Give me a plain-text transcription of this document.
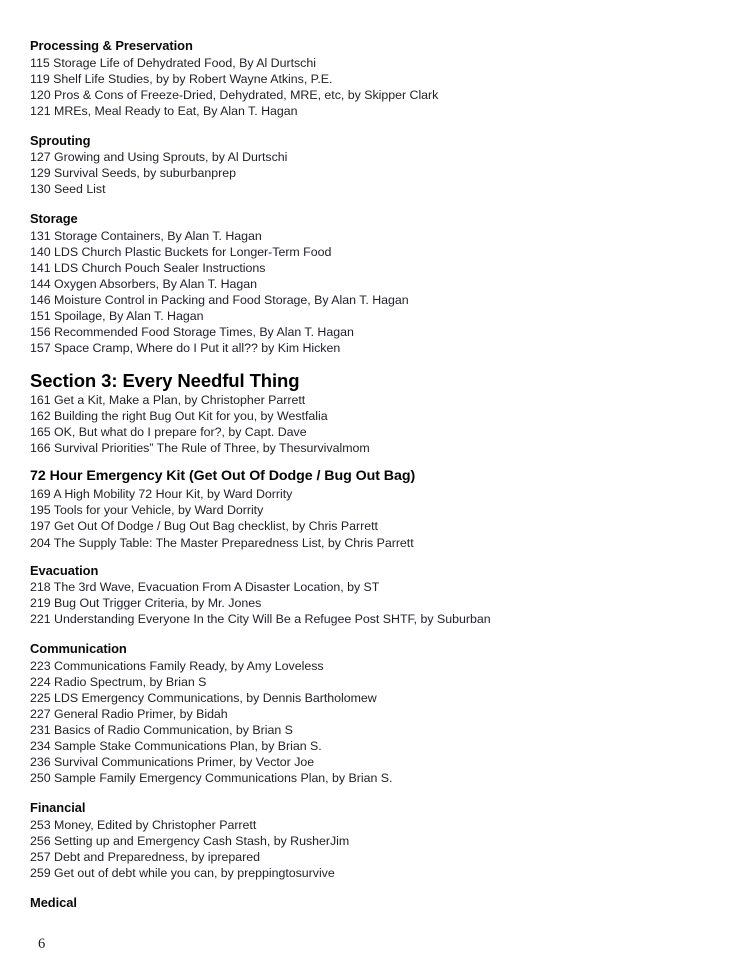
Processing & Preservation
115 Storage Life of Dehydrated Food, By Al Durtschi
119 Shelf Life Studies, by by Robert Wayne Atkins, P.E.
120 Pros & Cons of Freeze-Dried, Dehydrated, MRE, etc, by Skipper Clark
121 MREs, Meal Ready to Eat, By Alan T. Hagan
Sprouting
127 Growing and Using Sprouts, by Al Durtschi
129 Survival Seeds, by suburbanprep
130 Seed List
Storage
131 Storage Containers, By Alan T. Hagan
140 LDS Church Plastic Buckets for Longer-Term Food
141 LDS Church Pouch Sealer Instructions
144 Oxygen Absorbers, By Alan T. Hagan
146 Moisture Control in Packing and Food Storage, By Alan T. Hagan
151 Spoilage, By Alan T. Hagan
156 Recommended Food Storage Times, By Alan T. Hagan
157 Space Cramp, Where do I Put it all?? by Kim Hicken
Section 3: Every Needful Thing
161 Get a Kit, Make a Plan, by Christopher Parrett
162 Building the right Bug Out Kit for you, by Westfalia
165 OK, But what do I prepare for?, by Capt. Dave
166 Survival Priorities” The Rule of Three, by Thesurvivalmom
72 Hour Emergency Kit (Get Out Of Dodge / Bug Out Bag)
169 A High Mobility 72 Hour Kit, by Ward Dorrity
195 Tools for your Vehicle, by Ward Dorrity
197 Get Out Of Dodge / Bug Out Bag checklist, by Chris Parrett
204 The Supply Table: The Master Preparedness List, by Chris Parrett
Evacuation
218 The 3rd Wave, Evacuation From A Disaster Location, by ST
219 Bug Out Trigger Criteria, by Mr. Jones
221 Understanding Everyone In the City Will Be a Refugee Post SHTF, by Suburban
Communication
223 Communications Family Ready, by Amy Loveless
224 Radio Spectrum, by Brian S
225 LDS Emergency Communications, by Dennis Bartholomew
227 General Radio Primer, by Bidah
231 Basics of Radio Communication, by Brian S
234 Sample Stake Communications Plan, by Brian S.
236 Survival Communications Primer, by Vector Joe
250 Sample Family Emergency Communications Plan, by Brian S.
Financial
253 Money, Edited by Christopher Parrett
256 Setting up and Emergency Cash Stash, by RusherJim
257 Debt and Preparedness, by iprepared
259 Get out of debt while you can, by preppingtosurvive
Medical
6
